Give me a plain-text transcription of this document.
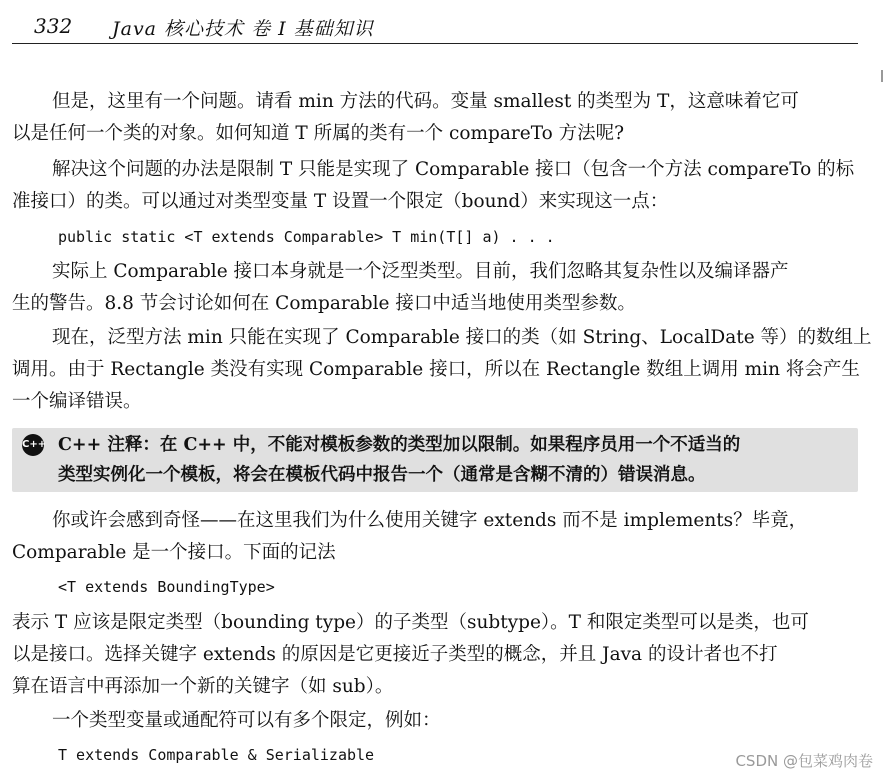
332 Java 核心技术 卷 I 基础知识
但是，这里有一个问题。请看 min 方法的代码。变量 smallest 的类型为 T，这意味着它可
以是任何一个类的对象。如何知道 T 所属的类有一个 compareTo 方法呢?
解决这个问题的办法是限制 T 只能是实现了 Comparable 接口（包含一个方法 compareTo 的标
准接口）的类。可以通过对类型变量 T 设置一个限定（bound）来实现这一点：
public static <T extends Comparable> T min(T[] a) . . .
实际上 Comparable 接口本身就是一个泛型类型。目前，我们忽略其复杂性以及编译器产
生的警告。8.8 节会讨论如何在 Comparable 接口中适当地使用类型参数。
现在，泛型方法 min 只能在实现了 Comparable 接口的类（如 String、LocalDate 等）的数组上
调用。由于 Rectangle 类没有实现 Comparable 接口，所以在 Rectangle 数组上调用 min 将会产生
一个编译错误。
C++ C++ 注释：在 C++ 中，不能对模板参数的类型加以限制。如果程序员用一个不适当的
类型实例化一个模板，将会在模板代码中报告一个（通常是含糊不清的）错误消息。
你或许会感到奇怪——在这里我们为什么使用关键字 extends 而不是 implements？毕竟，
Comparable 是一个接口。下面的记法
<T extends BoundingType>
表示 T 应该是限定类型（bounding type）的子类型（subtype）。T 和限定类型可以是类，也可
以是接口。选择关键字 extends 的原因是它更接近子类型的概念，并且 Java 的设计者也不打
算在语言中再添加一个新的关键字（如 sub）。
一个类型变量或通配符可以有多个限定，例如：
T extends Comparable & Serializable	CSDN @包菜鸡肉卷
